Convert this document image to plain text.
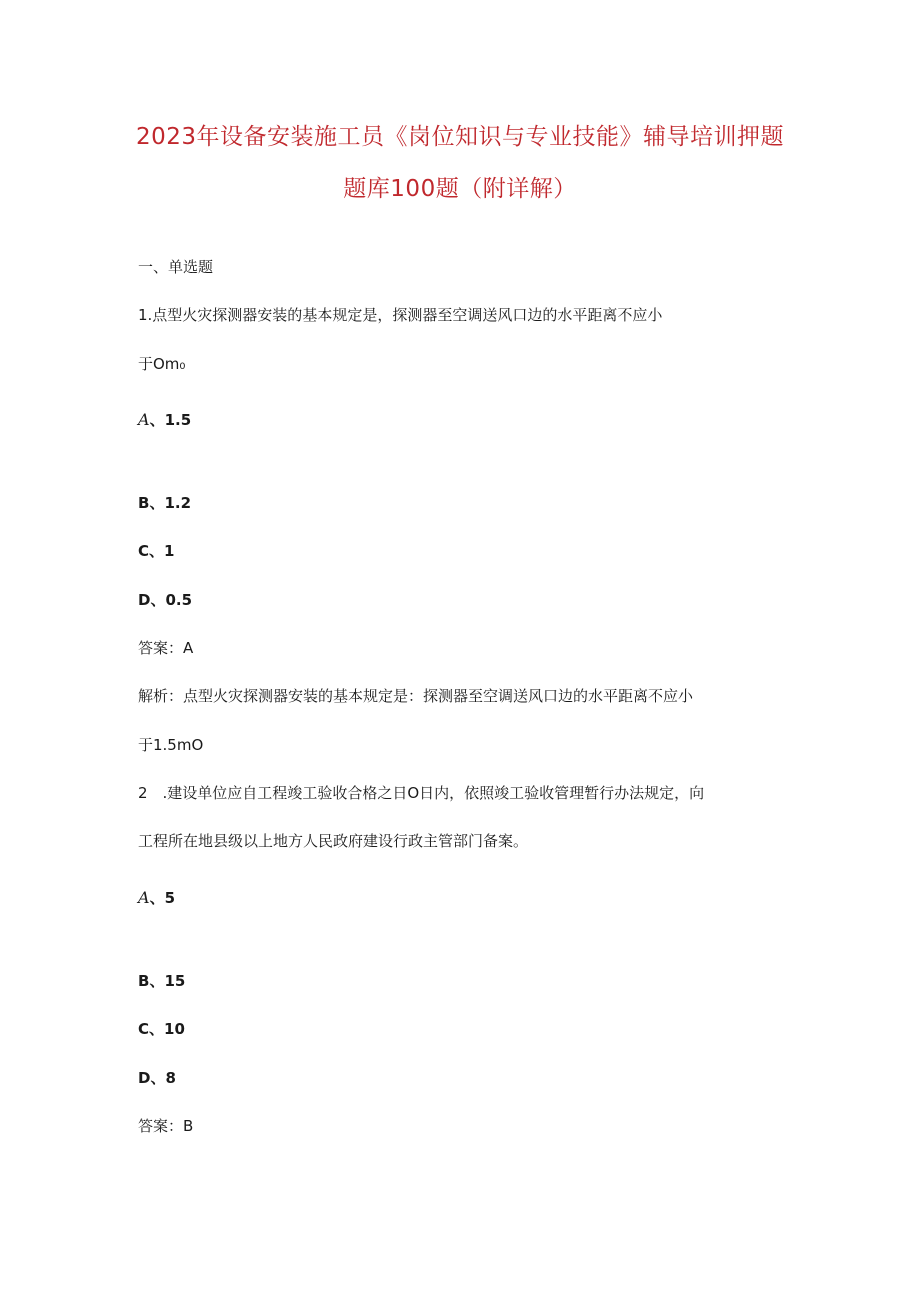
2023年设备安装施工员《岗位知识与专业技能》辅导培训押题
题库100题（附详解）
一、单选题
1.点型火灾探测器安装的基本规定是，探测器至空调送风口边的水平距离不应小
于Om₀
A、1.5
B、1.2
C、1
D、0.5
答案：A
解析：点型火灾探测器安装的基本规定是：探测器至空调送风口边的水平距离不应小
于1.5mO
2　.建设单位应自工程竣工验收合格之日O日内，依照竣工验收管理暂行办法规定，向
工程所在地县级以上地方人民政府建设行政主管部门备案。
A、5
B、15
C、10
D、8
答案：B
